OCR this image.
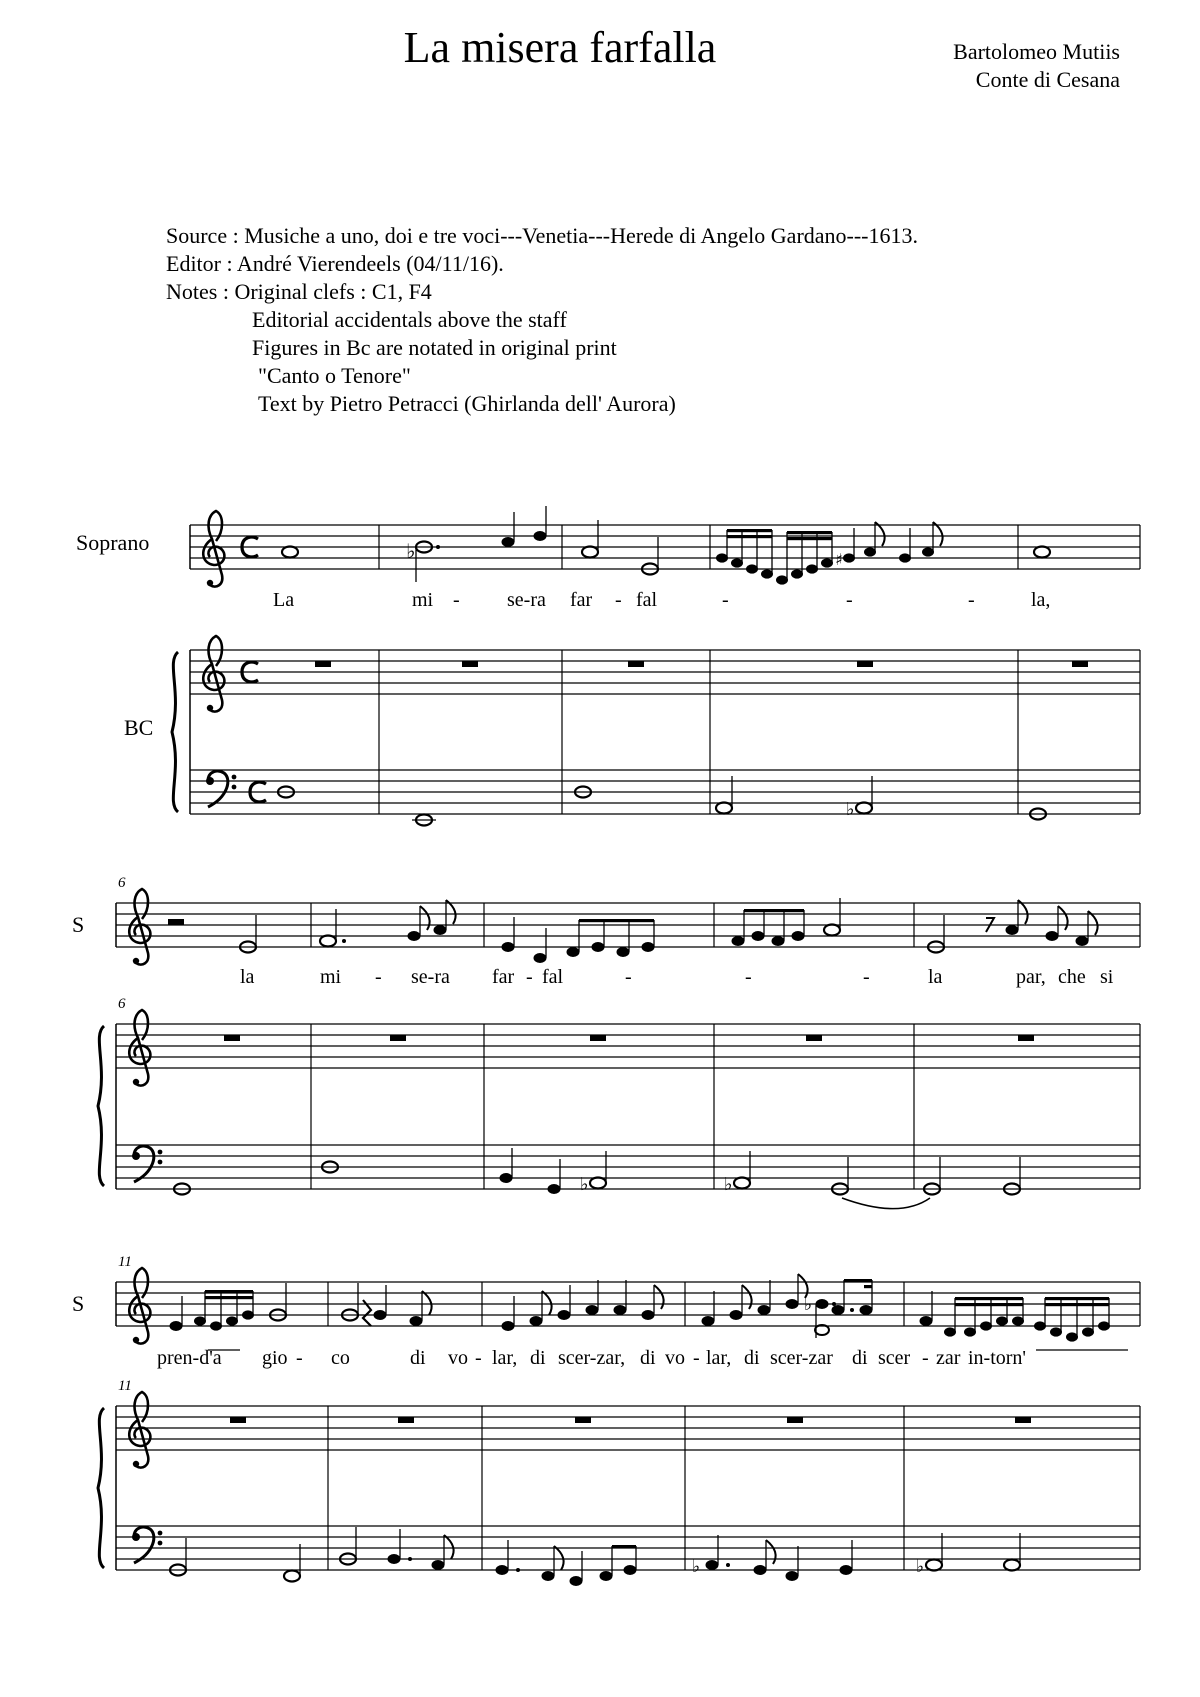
La misera farfalla	Bartolomeo Mutiis
Conte di Cesana
Source : Musiche a uno, doi e tre voci---Venetia---Herede di Angelo Gardano---1613.
Editor : André Vierendeels (04/11/16).
Notes : Original clefs : C1, F4
Editorial accidentals above the staff
Figures in Bc are notated in original print
"Canto o Tenore"
Text by Pietro Petracci (Ghirlanda dell' Aurora)
Soprano
BC
♭	♯
La	mi - se-ra far - fal	-	-	-	la,
♭
6
S
la	mi - se-ra far - fal	-	-	-	la	par, che si
6
♭	♭
11
S	♭
pren-d'a gio - co	di vo - lar, di scer-zar, di vo - lar, di scer-zar di scer - zar in-torn'
11
♭	♭
